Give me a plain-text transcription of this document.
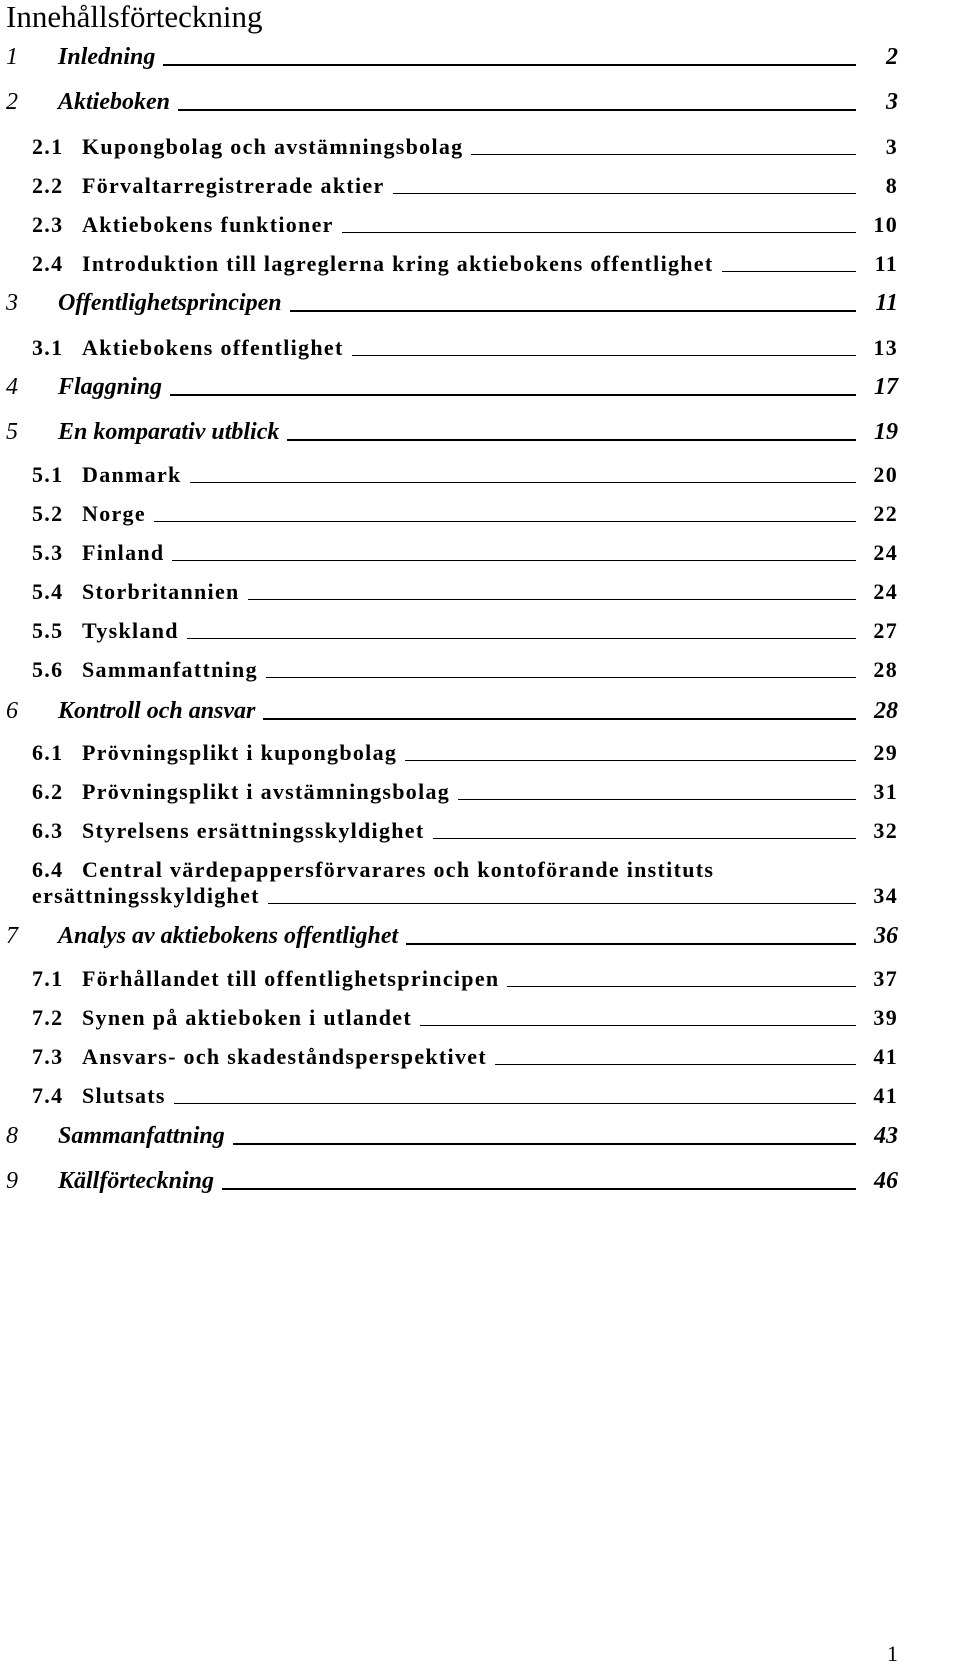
Innehållsförteckning
1	Inledning	2
2	Aktieboken	3
2.1 Kupongbolag och avstämningsbolag	3
2.2 Förvaltarregistrerade aktier	8
2.3 Aktiebokens funktioner	10
2.4 Introduktion till lagreglerna kring aktiebokens offentlighet	11
3	Offentlighetsprincipen	11
3.1 Aktiebokens offentlighet	13
4	Flaggning	17
5	En komparativ utblick	19
5.1 Danmark	20
5.2 Norge	22
5.3 Finland	24
5.4 Storbritannien	24
5.5 Tyskland	27
5.6 Sammanfattning	28
6	Kontroll och ansvar	28
6.1 Prövningsplikt i kupongbolag	29
6.2 Prövningsplikt i avstämningsbolag	31
6.3 Styrelsens ersättningsskyldighet	32
6.4 Central värdepappersförvarares och kontoförande instituts
ersättningsskyldighet	34
7	Analys av aktiebokens offentlighet	36
7.1 Förhållandet till offentlighetsprincipen	37
7.2 Synen på aktieboken i utlandet	39
7.3 Ansvars- och skadeståndsperspektivet	41
7.4 Slutsats	41
8	Sammanfattning	43
9	Källförteckning	46
1
